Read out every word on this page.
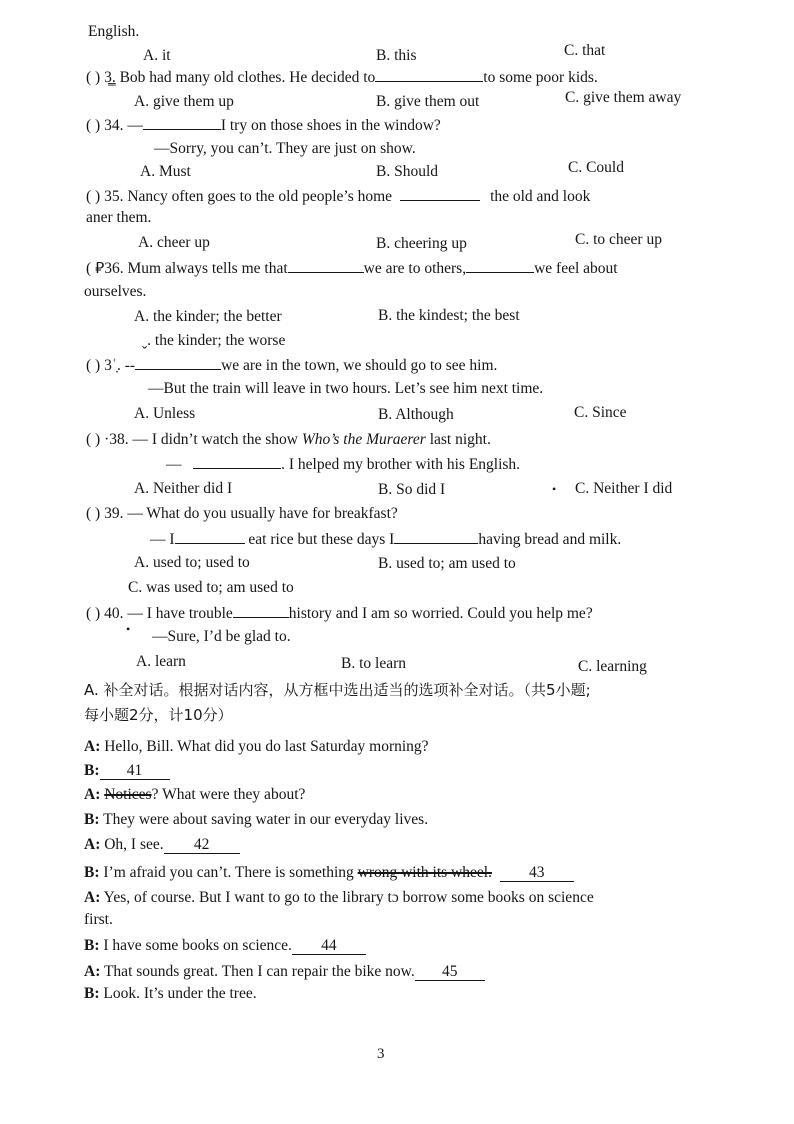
English.
A. it	B. this	C. that
( ) 3̳. Bob had many old clothes. He decided to	to some poor kids.
A. give them up	B. give them out	C. give them away
( ) 34. —	I try on those shoes in the window?
—Sorry, you can’t. They are just on show.
A. Must	B. Should	C. Could
( ) 35. Nancy often goes to the old people’s home	the old and look
aner them.
A. cheer up	B. cheering up	C. to cheer up
( ⃊36. Mum always tells me that	we are to others,	we feel about
ourselves.
A. the kinder; the better	B. the kindest; the best
ˬ. the kinder; the worse
( ) 3ʿ̣. --	we are in the town, we should go to see him.
—But the train will leave in two hours. Let’s see him next time.
A. Unless	B. Although	C. Since
( ) ·38. — I didn’t watch the show Who’s the Muraerer last night.
—	. I helped my brother with his English.
A. Neither did I	B. So did I	C. Neither I did
•
( ) 39. — What do you usually have for breakfast?
— I	eat rice but these days I	having bread and milk.
A. used to; used to	B. used to; am used to
C. was used to; am used to
( ) 40. — I have trouble	history and I am so worried. Could you help me?
• —Sure, I’d be glad to.
A. learn	B. to learn	C. learning
A. 补全对话。根据对话内容，从方框中选出适当的选项补全对话。（共5小题;
每小题2分，计10分）
A: Hello, Bill. What did you do last Saturday morning?
B: 41
A: Notices? What were they about?
B: They were about saving water in our everyday lives.
A: Oh, I see. 42
B: I’m afraid you can’t. There is something wrong with its wheel. 43
A: Yes, of course. But I want to go to the library tɔ borrow some books on science
first.
B: I have some books on science. 44
A: That sounds great. Then I can repair the bike now. 45
B: Look. It’s under the tree.
3
